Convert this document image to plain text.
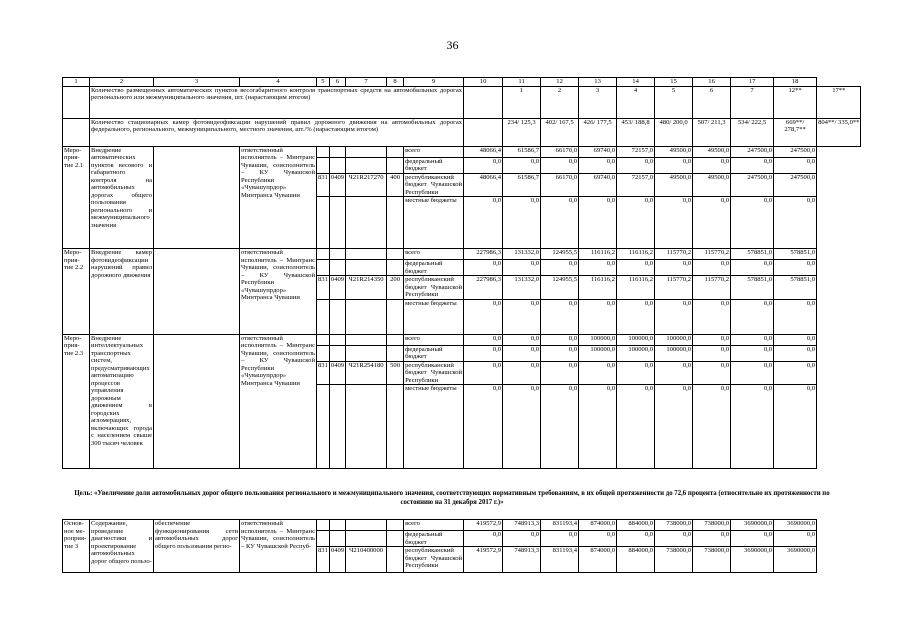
36
1	2	3	4	5	6	7	8	9	10	11	12	13	14	15	16	17	18	
	Количество размещенных автоматических пунктов весогабаритного контроля транспортных средств на автомобильных дорогах регионального или межмуниципального значения, шт. (нарастающим итогом)									1	2	3	4	5	6	7	12**	17**
	Количество стационарных камер фотовидеофиксации нарушений правил дорожного движения на автомобильных дорогах федерального, регионального, межмуниципального, местного значения, шт./% (нарастающим итогом)									234/ 125,3	402/ 167,5	426/ 177,5	453/ 188,8	480/ 200,0	507/ 211,3	534/ 222,5	669**/ 278,7**	804**/ 335,0**
Меро-прия-тие 2.1	Внедрение автоматических пунктов весового и габаритного контроля на автомобильных дорогах общего пользования регионального и межмуниципального значения		ответственный исполнитель – Минтранс Чувашии, соисполнитель – КУ Чувашской Республики «Чувашупрдор» Минтранса Чувашии					всего	48066,4	61586,7	66170,0	69740,0	72157,0	49500,0	49500,0	247500,0	247500,0	
								федеральный бюджет	0,0	0,0	0,0	0,0	0,0	0,0	0,0	0,0	0,0	
				831	0409	Ч21R217270	400	республиканский бюджет Чувашской Республики	48066,4	61586,7	66170,0	69740,0	72157,0	49500,0	49500,0	247500,0	247500,0	
								местные бюджеты	0,0	0,0	0,0	0,0	0,0	0,0	0,0	0,0	0,0	
Меро-прия-тие 2.2	Внедрение камер фотовидеофиксации нарушений правил дорожного движения		ответственный исполнитель – Минтранс Чувашии, соисполнитель – КУ Чувашской Республики «Чувашупрдор» Минтранса Чувашии					всего	227986,3	131332,0	124955,5	116116,2	116116,2	115770,2	115770,2	578851,0	578851,0	
								федеральный бюджет	0,0	0,0	0,0	0,0	0,0	0,0	0,0	0,0	0,0	
				831	0409	Ч21R214350	200	республиканский бюджет Чувашской Республики	227986,3	131332,0	124955,5	116116,2	116116,2	115770,2	115770,2	578851,0	578851,0	
								местные бюджеты	0,0	0,0	0,0	0,0	0,0	0,0	0,0	0,0	0,0	
Меро-прия-тие 2.3	Внедрение интеллектуальных транспортных систем, предусматривающих автоматизацию процессов управления дорожным движением в городских агломерациях, включающих города с населением свыше 300 тысяч человек		ответственный исполнитель – Минтранс Чувашии, соисполнитель – КУ Чувашской Республики «Чувашупрдор» Минтранса Чувашии					всего	0,0	0,0	0,0	100000,0	100000,0	100000,0	0,0	0,0	0,0	
								федеральный бюджет	0,0	0,0	0,0	100000,0	100000,0	100000,0	0,0	0,0	0,0	
				831	0409	Ч21R254180	500	республиканский бюджет Чувашской Республики	0,0	0,0	0,0	0,0	0,0	0,0	0,0	0,0	0,0	
								местные бюджеты	0,0	0,0	0,0	0,0	0,0	0,0	0,0	0,0	0,0	
Цель: «Увеличение доли автомобильных дорог общего пользования регионального и межмуниципального значения, соответствующих нормативным требованиям, в их общей протяженности до 72,6 процента (относительно их протяженности по состоянию на 31 декабря 2017 г.)»
Основ-ное ме-роприя-тие 3	Содержание, проведение диагностики и проектирование автомобильных дорог общего пользо-	обеспечение функционирования сети автомобильных дорог общего пользования регио-	ответственный исполнитель – Минтранс Чувашии, соисполнитель – КУ Чувашской Респуб-					всего	419572,9	748913,3	831193,4	874000,0	884000,0	738000,0	738000,0	3690000,0	3690000,0
								федеральный бюджет	0,0	0,0	0,0	0,0	0,0	0,0	0,0	0,0	0,0
				831	0409	Ч210400000		республиканский бюджет Чувашской Республики	419572,9	748913,3	831193,4	874000,0	884000,0	738000,0	738000,0	3690000,0	3690000,0
